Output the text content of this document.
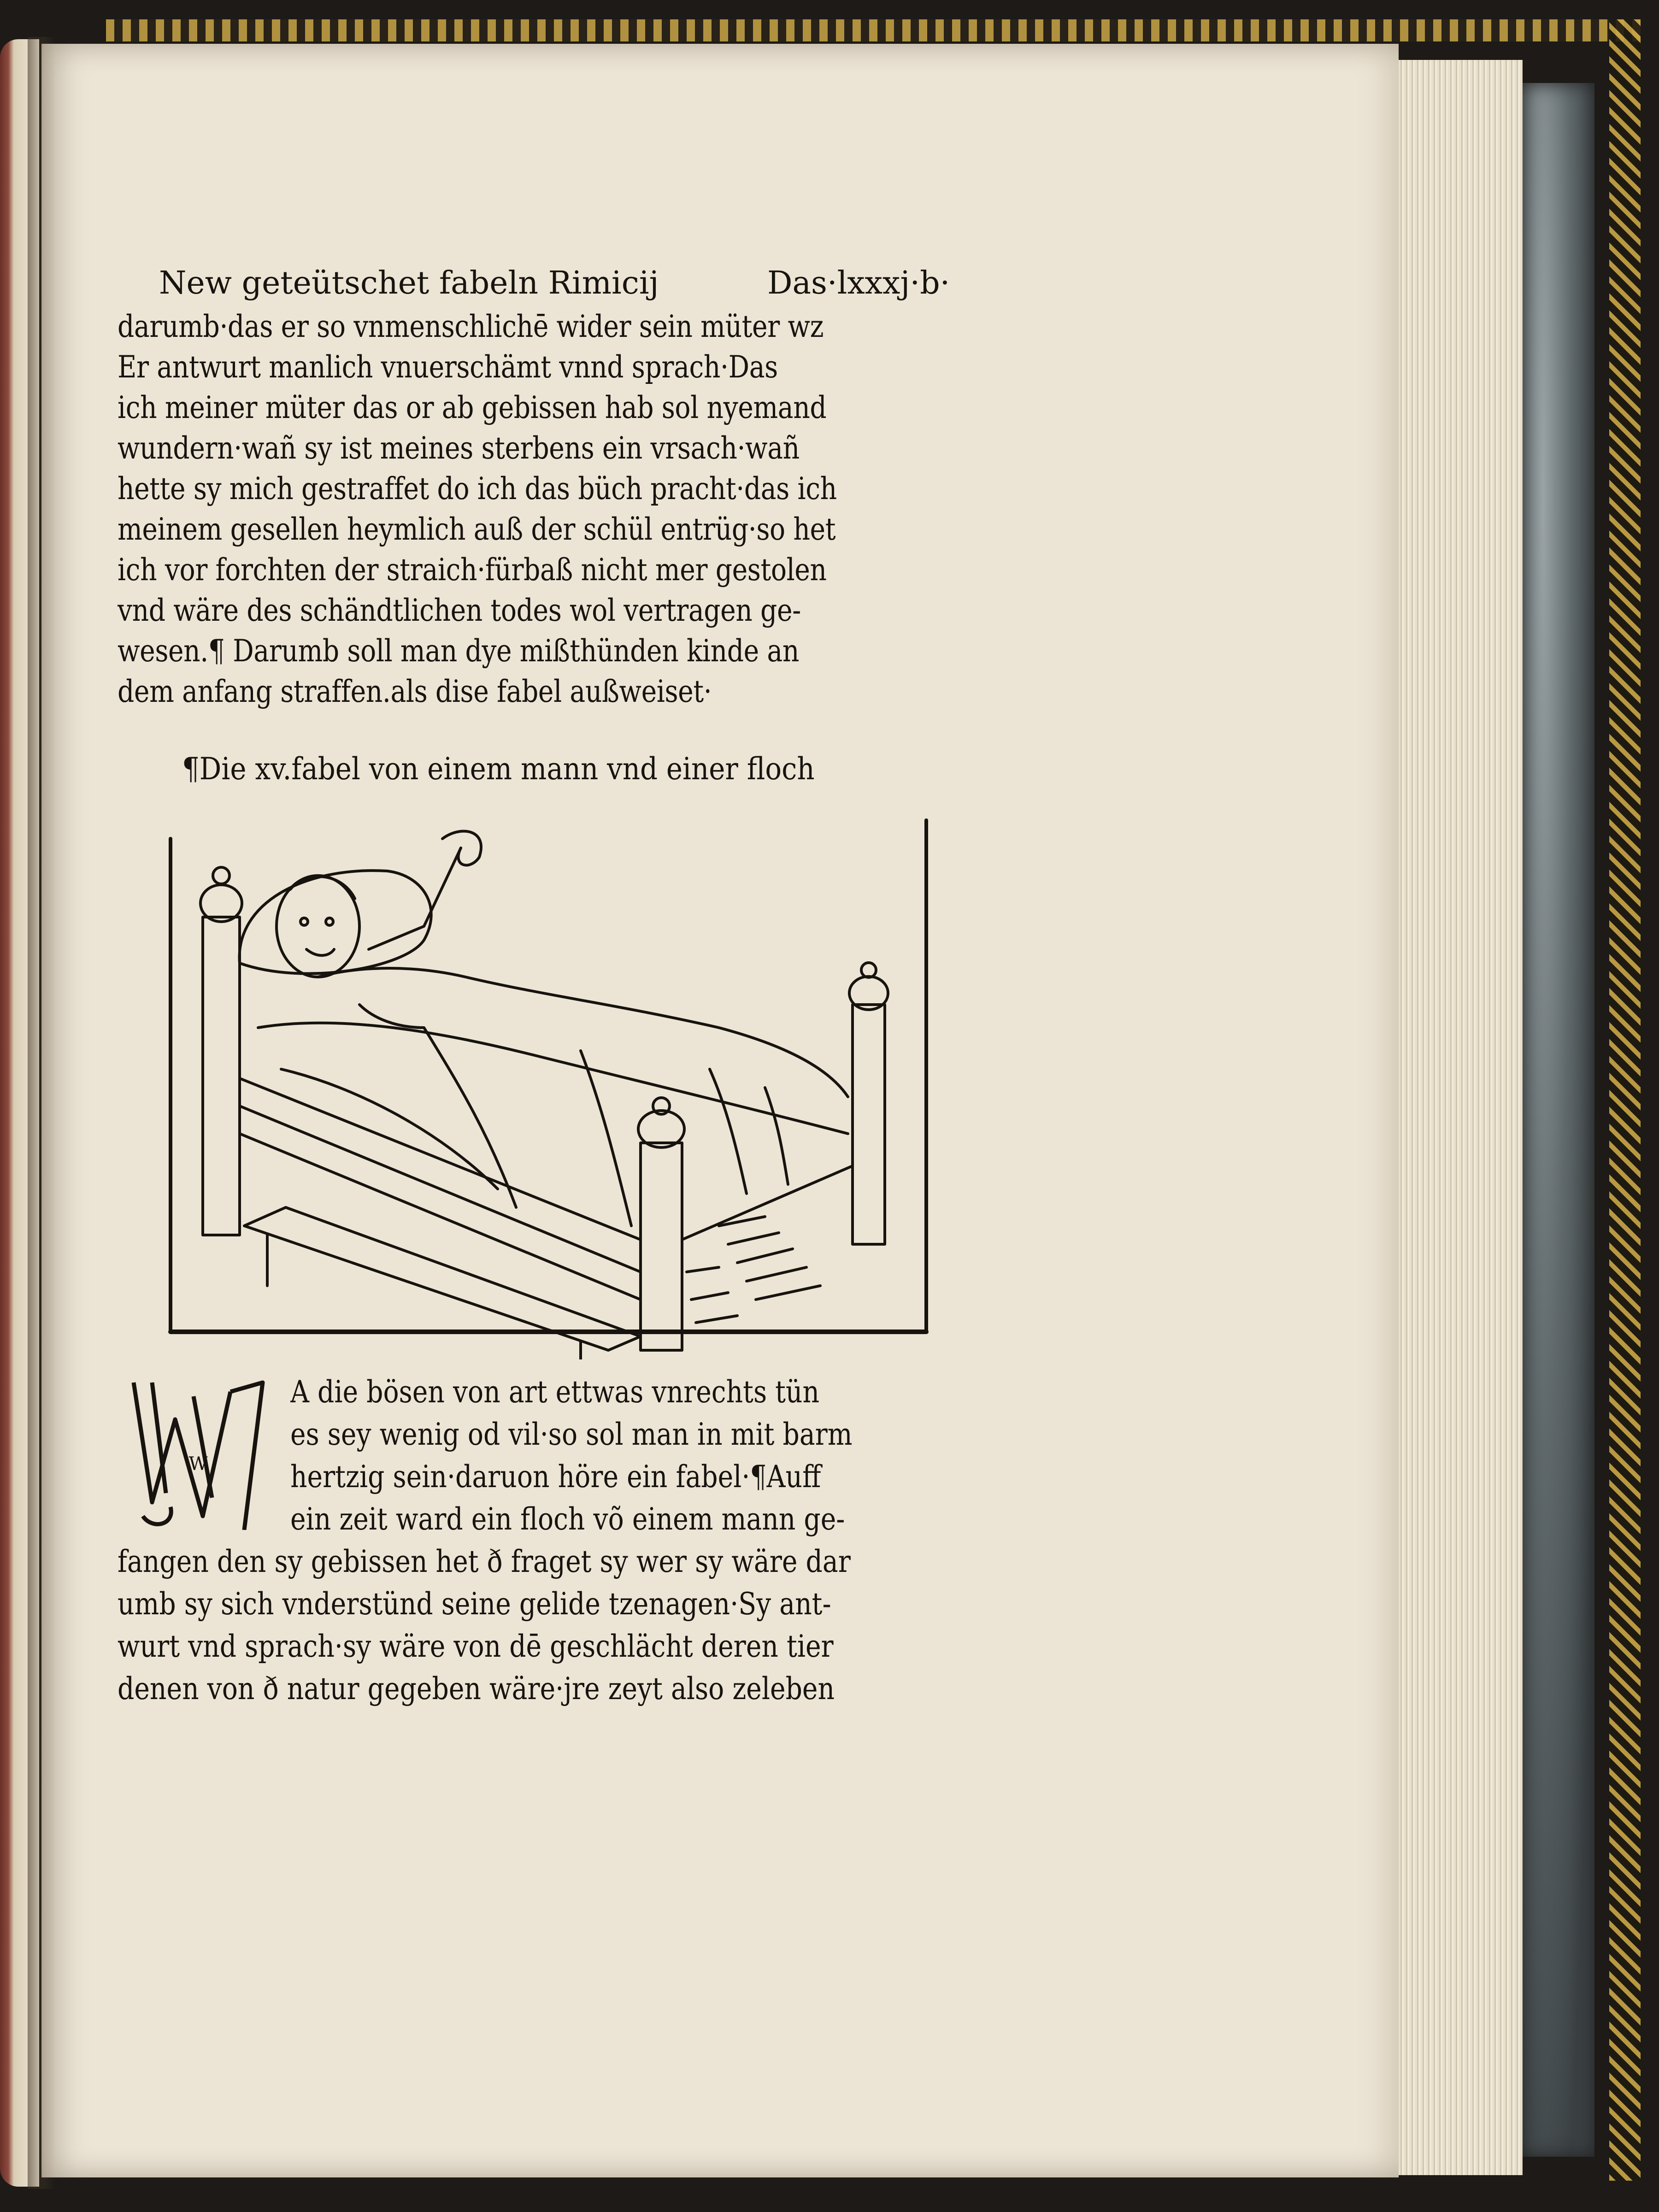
New geteütschet fabeln Rimicij	Das·lxxxj·b·
darumb·das er so vnmenschlichē wider sein müter wz
Er antwurt manlich vnuerschämt vnnd sprach·Das
ich meiner müter das or ab gebissen hab sol nyemand
wundern·wañ sy ist meines sterbens ein vrsach·wañ
hette sy mich gestraffet do ich das büch pracht·das ich
meinem gesellen heymlich auß der schül entrüg·so het
ich vor forchten der straich·fürbaß nicht mer gestolen
vnd wäre des schändtlichen todes wol vertragen ge-
wesen.¶ Darumb soll man dye mißthünden kinde an
dem anfang straffen.als dise fabel außweiset·
¶Die xv.fabel von einem mann vnd einer floch
W
A die bösen von art ettwas vnrechts tün
es sey wenig od vil·so sol man in mit barm
hertzig sein·daruon höre ein fabel·¶Auff
ein zeit ward ein floch võ einem mann ge-
fangen den sy gebissen het ð fraget sy wer sy wäre dar
umb sy sich vnderstünd seine gelide tzenagen·Sy ant-
wurt vnd sprach·sy wäre von dē geschlächt deren tier
denen von ð natur gegeben wäre·jre zeyt also zeleben
